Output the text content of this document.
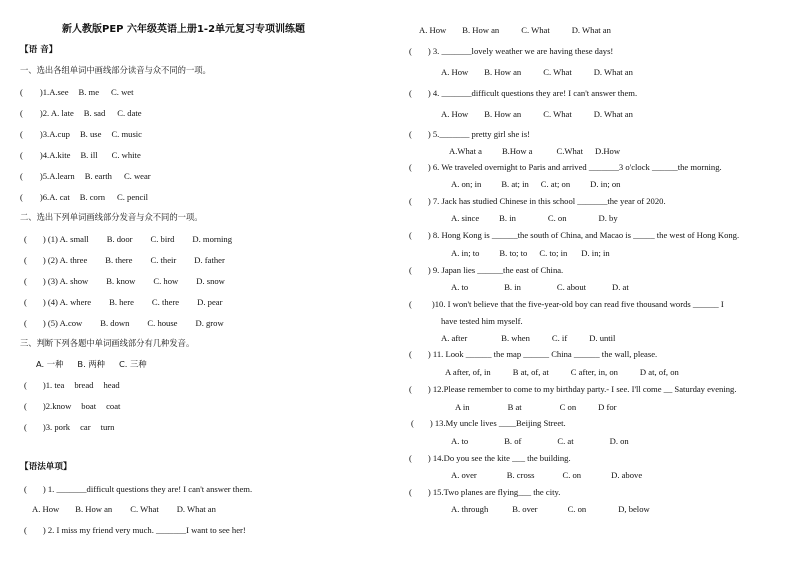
新人教版PEP 六年级英语上册1-2单元复习专项训练题
【语 音】
一、选出各组单词中画线部分读音与众不同的一项。
( )1.A.see B. me C. wet
( )2. A. late B. sad C. date
( )3.A.cup B. use C. music
( )4.A.kite B. ill C. white
( )5.A.learn B. earth C. wear
( )6.A. cat B. corn C. pencil
二、选出下列单词画线部分发音与众不同的一项。
( ) (1) A. small B. door C. bird D. morning
( ) (2) A. three B. there C. their D. father
( ) (3) A. show B. know C. how D. snow
( ) (4) A. where B. here C. there D. pear
( ) (5) A.cow B. down C. house D. grow
三、判断下列各题中单词画线部分有几种发音。
A. 一种 B. 两种 C. 三种
( )1. tea bread head
( )2.know boat coat
( )3. pork car turn
【语法单项】
( ) 1. _______difficult questions they are! I can't answer them.
A. How B. How an C. What D. What an
( ) 2. I miss my friend very much. _______I want to see her!
A. How B. How an	C. What	D. What an
( ) 3. _______lovely weather we are having these days!
A. How B. How an	C. What	D. What an
( ) 4. _______difficult questions they are! I can't answer them.
A. How B. How an	C. What	D. What an
( ) 5._______ pretty girl she is!
A.What a B.How a	C.What D.How
( ) 6. We traveled overnight to Paris and arrived _______3 o'clock ______the morning.
A. on; in B. at; in C. at; on D. in; on
( ) 7. Jack has studied Chinese in this school _______the year of 2020.
A. since B. in	C. on	D. by
( ) 8. Hong Kong is ______the south of China, and Macao is _____ the west of Hong Kong.
A. in; to B. to; to C. to; in D. in; in
( ) 9. Japan lies ______the east of China.
A. to	B. in	C. about	D. at
( )10. I won't believe that the five-year-old boy can read five thousand words ______ I
have tested him myself.
A. after	B. when	C. if	D. until
( ) 11. Look ______ the map ______ China ______ the wall, please.
A after, of, in	B at, of, at	C after, in, on	D at, of, on
( ) 12.Please remember to come to my birthday party.- I see. I'll come __ Saturday evening.
A in	B at	C on	D for
( ) 13.My uncle lives ____Beijing Street.
A. to	B. of	C. at	D. on
( ) 14.Do you see the kite ___ the building.
A. over	B. cross	C. on	D. above
( ) 15.Two planes are flying___ the city.
A. through	B. over	C. on	D, below
